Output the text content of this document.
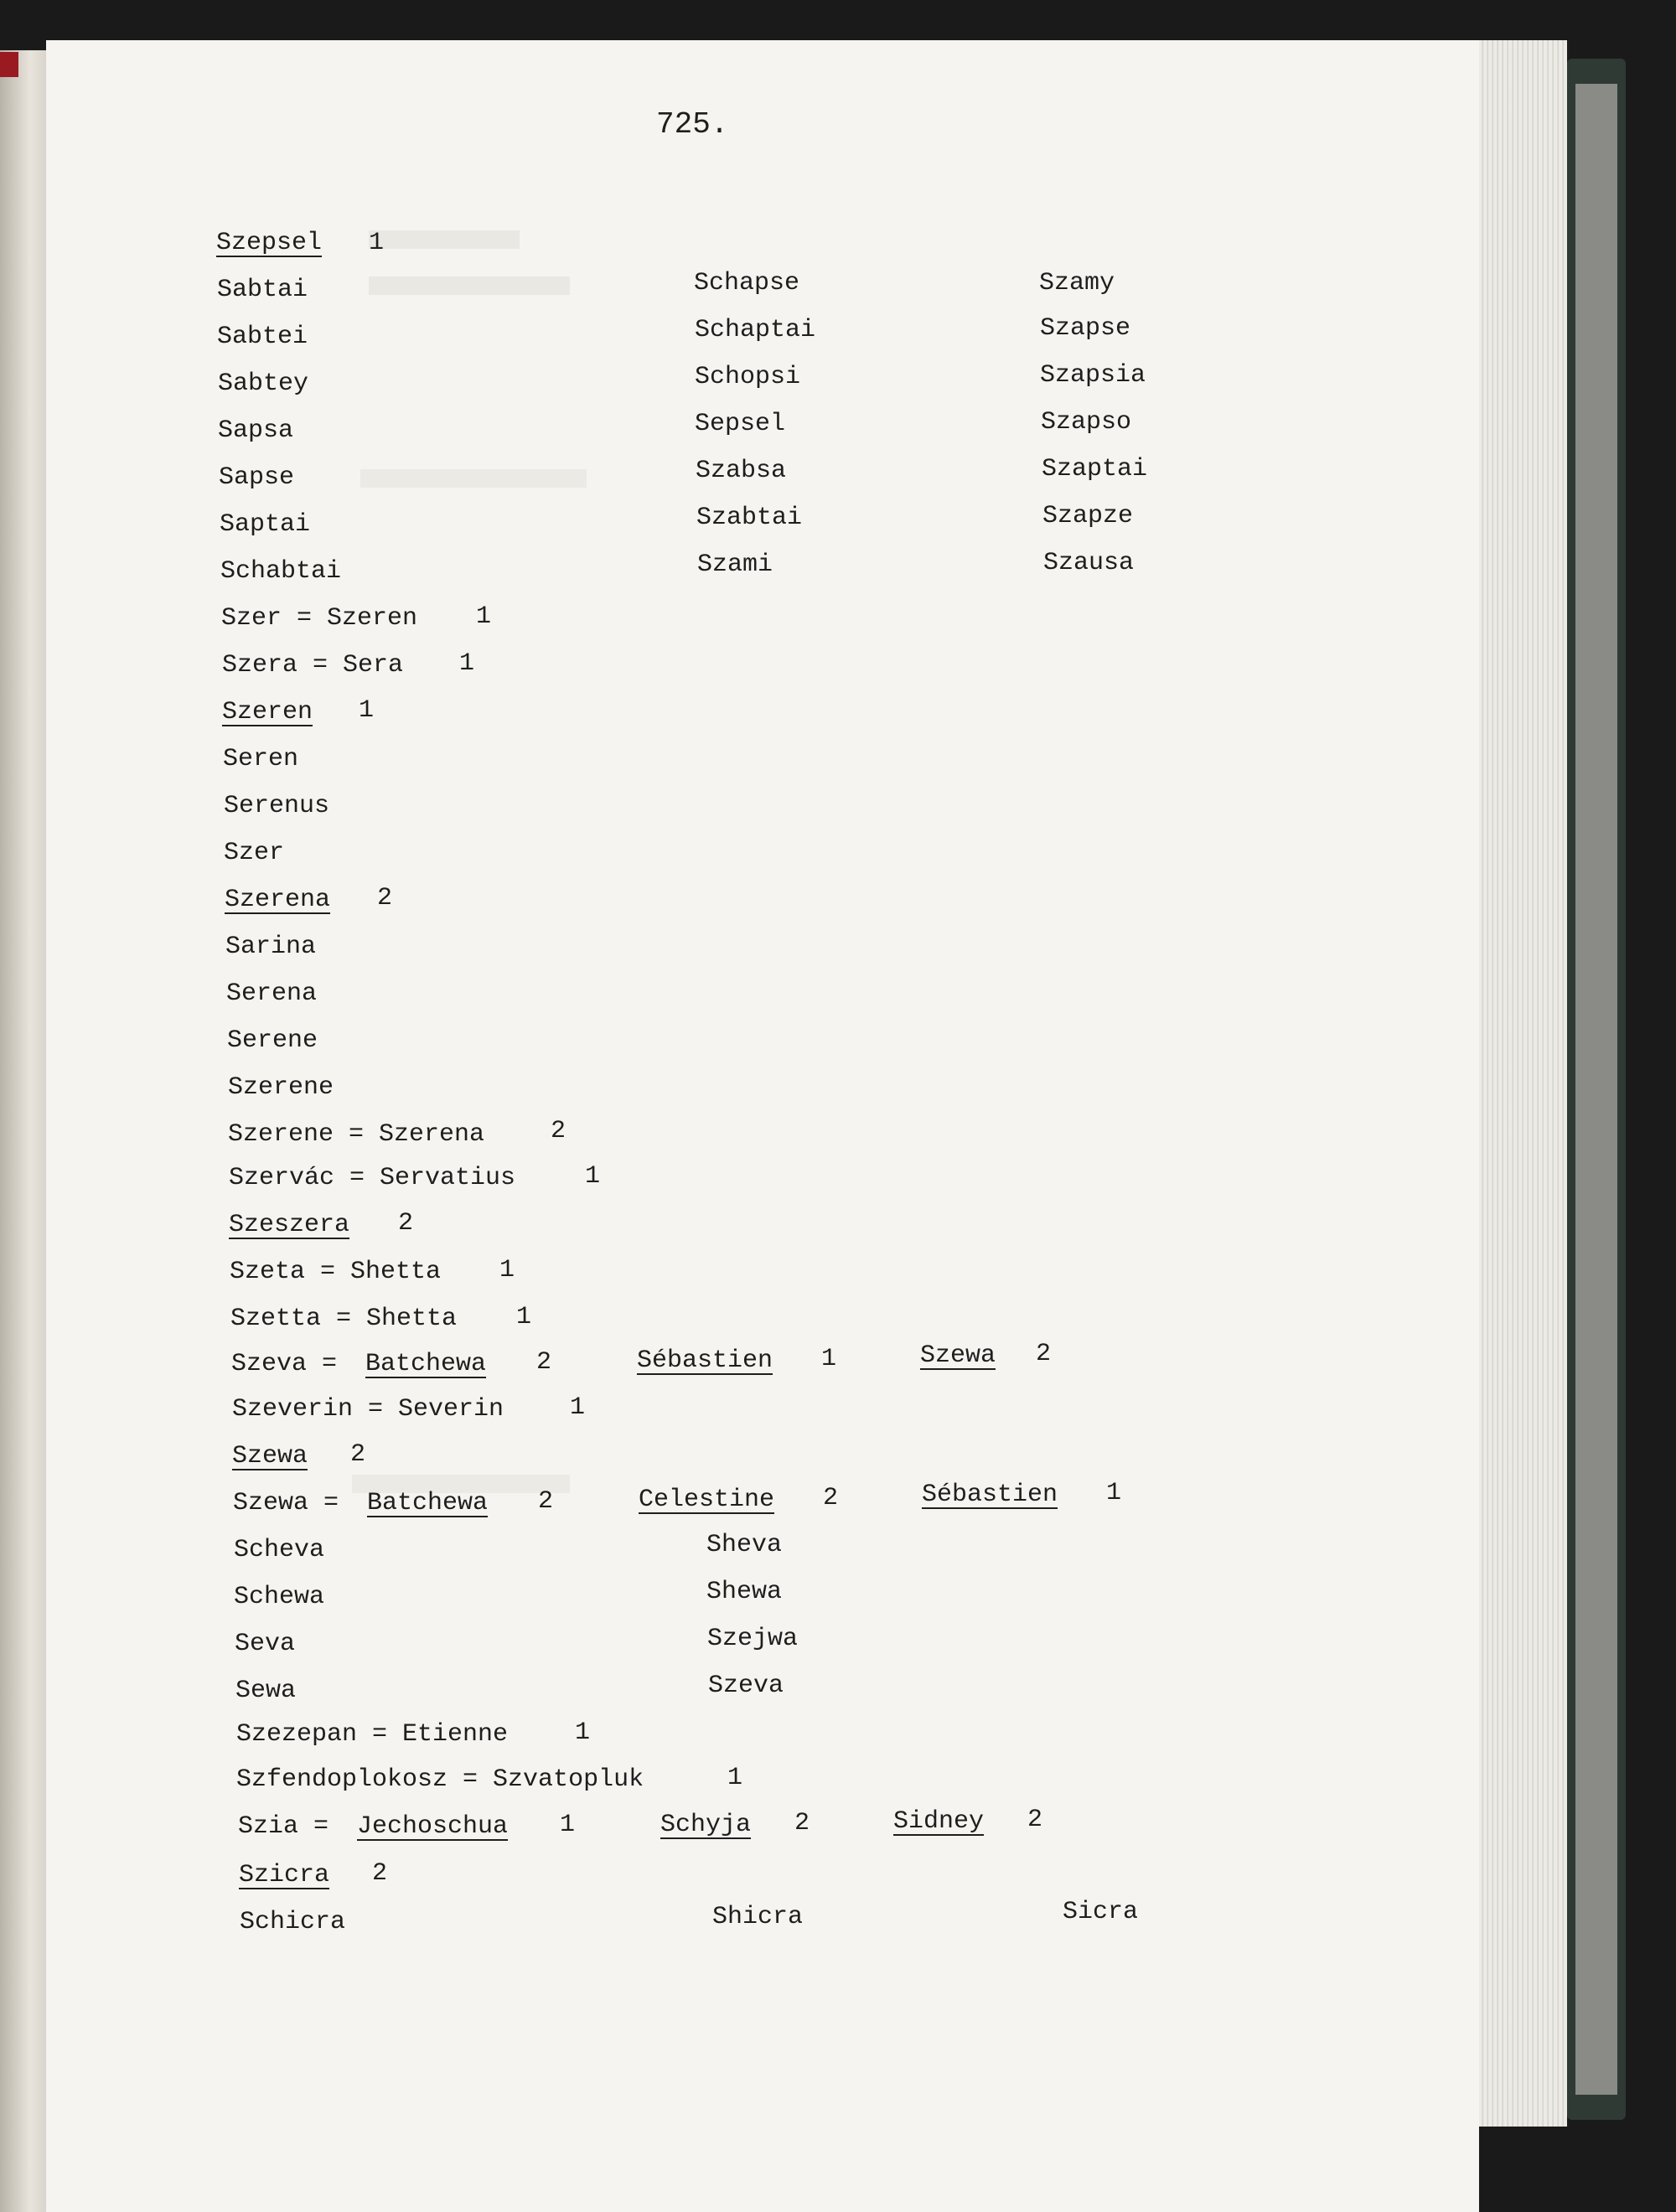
725.
Szepsel 1
Sabtai	Schapse	Szamy
Sabtei	Schaptai	Szapse
Sabtey	Schopsi	Szapsia
Sapsa	Sepsel	Szapso
Sapse	Szabsa	Szaptai
Saptai	Szabtai	Szapze
Schabtai	Szami	Szausa
Szer = Szeren 1
Szera = Sera 1
Szeren 1
Seren
Serenus
Szer
Szerena 2
Sarina
Serena
Serene
Szerene
Szerene = Szerena	2
Szervác = Servatius	1
Szeszera 2
Szeta = Shetta 1
Szetta = Shetta 1
Szeva = Batchewa 2	Sébastien 1	Szewa 2
Szeverin = Severin	1
Szewa 2
Szewa = Batchewa 2	Celestine 2	Sébastien 1
Scheva	Sheva
Schewa	Shewa
Seva	Szejwa
Sewa	Szeva
Szezepan = Etienne	1
Szfendoplokosz = Szvatopluk	1
Szia = Jechoschua 1	Schyja 2	Sidney 2
Szicra 2
Schicra	Shicra	Sicra
